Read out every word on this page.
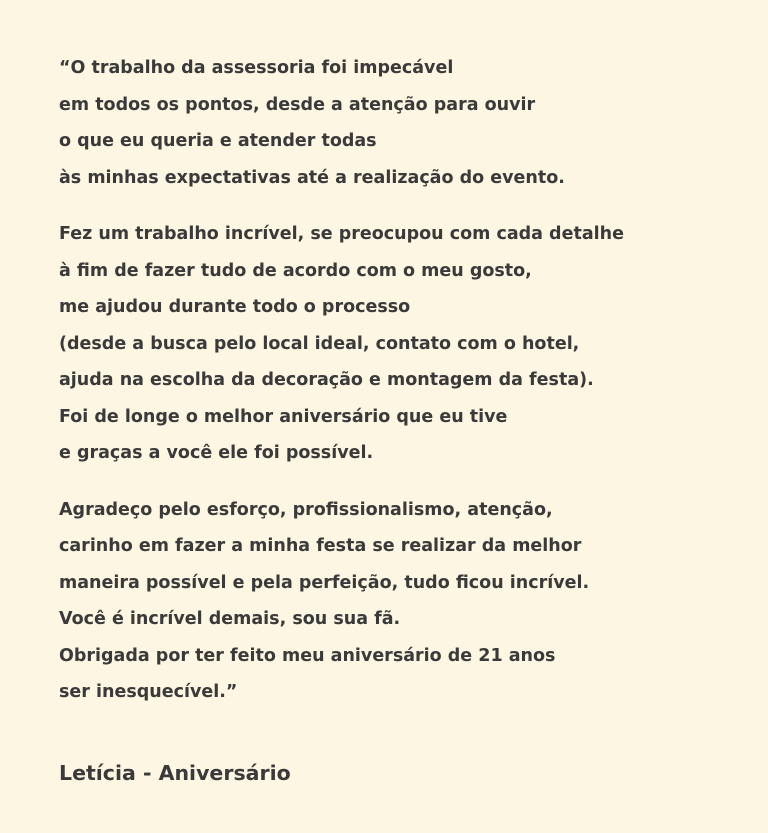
“O trabalho da assessoria foi impecável
em todos os pontos, desde a atenção para ouvir
o que eu queria e atender todas
às minhas expectativas até a realização do evento.

Fez um trabalho incrível, se preocupou com cada detalhe
à fim de fazer tudo de acordo com o meu gosto,
me ajudou durante todo o processo
(desde a busca pelo local ideal, contato com o hotel,
ajuda na escolha da decoração e montagem da festa).
Foi de longe o melhor aniversário que eu tive
e graças a você ele foi possível.

Agradeço pelo esforço, profissionalismo, atenção,
carinho em fazer a minha festa se realizar da melhor
maneira possível e pela perfeição, tudo ficou incrível.
Você é incrível demais, sou sua fã.
Obrigada por ter feito meu aniversário de 21 anos
ser inesquecível.”

Letícia - Aniversário
